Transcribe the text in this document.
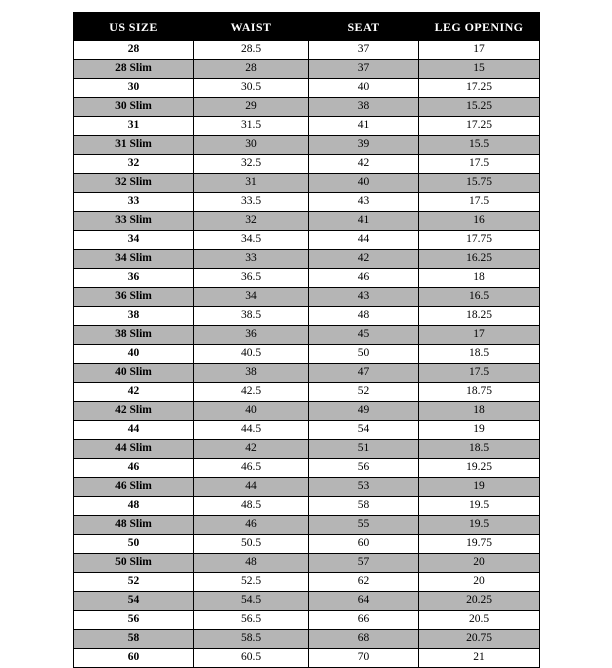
US SIZE	WAIST	SEAT	LEG OPENING
28	28.5	37	17
28 Slim	28	37	15
30	30.5	40	17.25
30 Slim	29	38	15.25
31	31.5	41	17.25
31 Slim	30	39	15.5
32	32.5	42	17.5
32 Slim	31	40	15.75
33	33.5	43	17.5
33 Slim	32	41	16
34	34.5	44	17.75
34 Slim	33	42	16.25
36	36.5	46	18
36 Slim	34	43	16.5
38	38.5	48	18.25
38 Slim	36	45	17
40	40.5	50	18.5
40 Slim	38	47	17.5
42	42.5	52	18.75
42 Slim	40	49	18
44	44.5	54	19
44 Slim	42	51	18.5
46	46.5	56	19.25
46 Slim	44	53	19
48	48.5	58	19.5
48 Slim	46	55	19.5
50	50.5	60	19.75
50 Slim	48	57	20
52	52.5	62	20
54	54.5	64	20.25
56	56.5	66	20.5
58	58.5	68	20.75
60	60.5	70	21
